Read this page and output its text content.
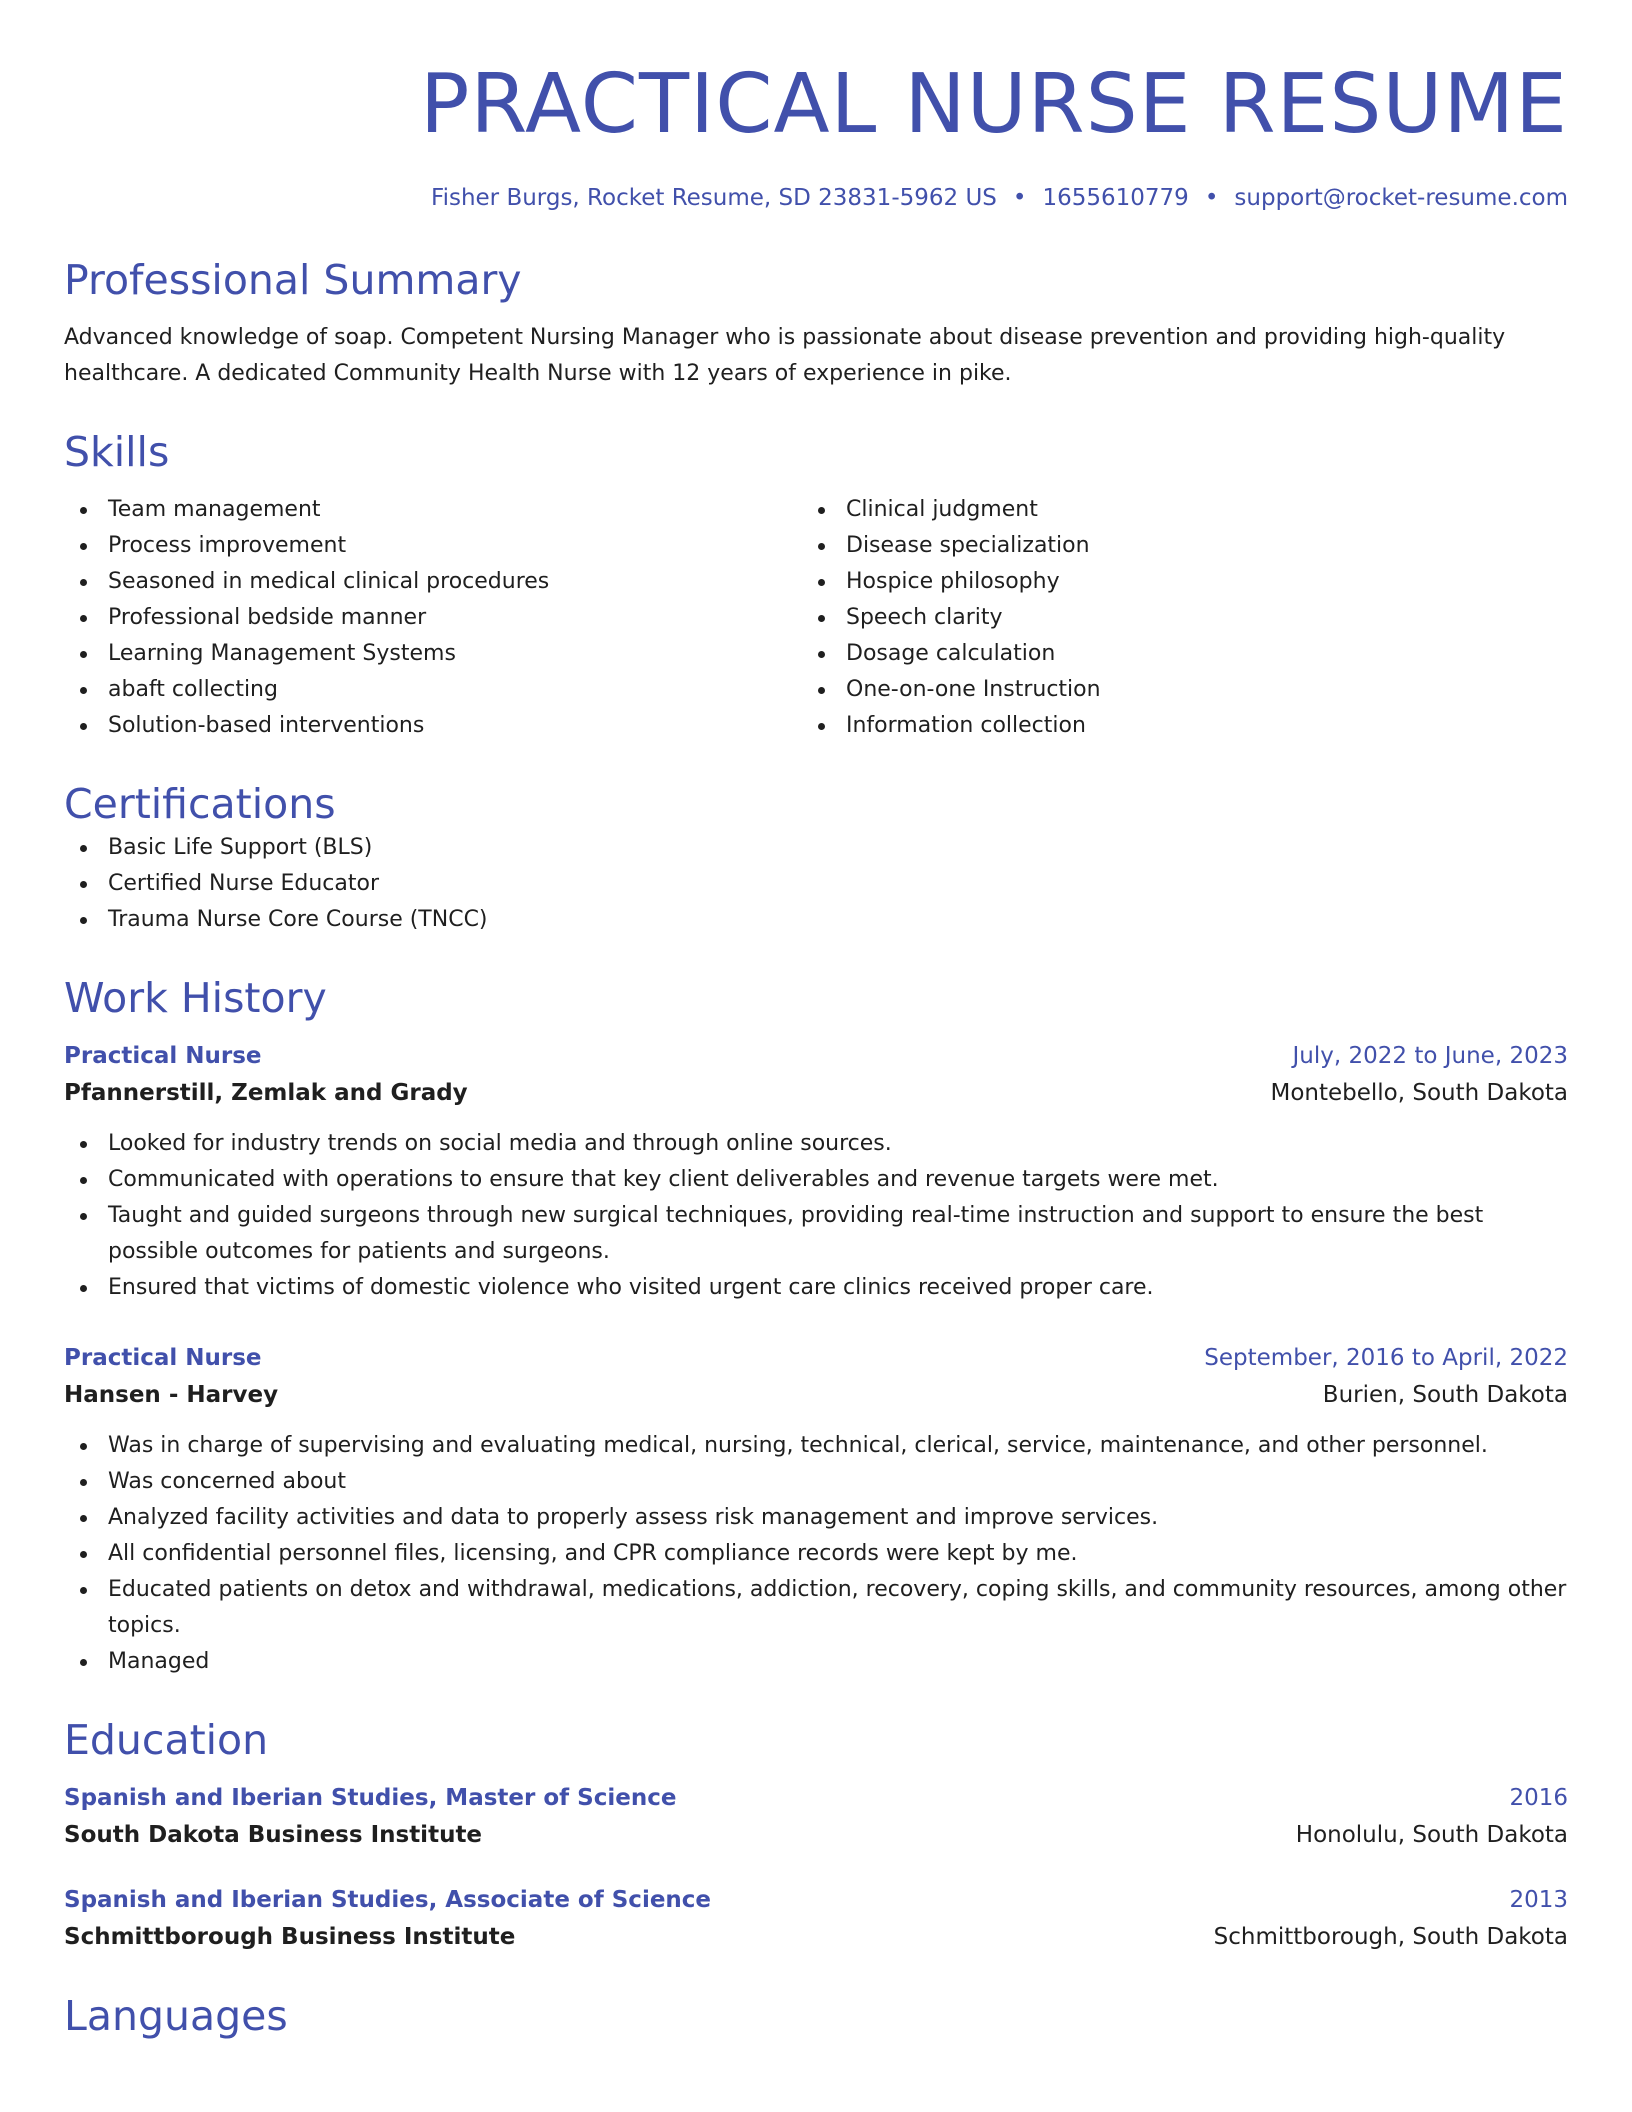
PRACTICAL NURSE RESUME
Fisher Burgs, Rocket Resume, SD 23831-5962 US • 1655610779 • support@rocket-resume.com
Professional Summary
Advanced knowledge of soap. Competent Nursing Manager who is passionate about disease prevention and providing high-quality healthcare. A dedicated Community Health Nurse with 12 years of experience in pike.
Skills
Team management
Process improvement
Seasoned in medical clinical procedures
Professional bedside manner
Learning Management Systems
abaft collecting
Solution-based interventions
Clinical judgment
Disease specialization
Hospice philosophy
Speech clarity
Dosage calculation
One-on-one Instruction
Information collection
Certifications
Basic Life Support (BLS)
Certified Nurse Educator
Trauma Nurse Core Course (TNCC)
Work History
Practical Nurse	July, 2022 to June, 2023
Pfannerstill, Zemlak and Grady	Montebello, South Dakota
Looked for industry trends on social media and through online sources.
Communicated with operations to ensure that key client deliverables and revenue targets were met.
Taught and guided surgeons through new surgical techniques, providing real-time instruction and support to ensure the best possible outcomes for patients and surgeons.
Ensured that victims of domestic violence who visited urgent care clinics received proper care.
Practical Nurse	September, 2016 to April, 2022
Hansen - Harvey	Burien, South Dakota
Was in charge of supervising and evaluating medical, nursing, technical, clerical, service, maintenance, and other personnel.
Was concerned about
Analyzed facility activities and data to properly assess risk management and improve services.
All confidential personnel files, licensing, and CPR compliance records were kept by me.
Educated patients on detox and withdrawal, medications, addiction, recovery, coping skills, and community resources, among other topics.
Managed
Education
Spanish and Iberian Studies, Master of Science	2016
South Dakota Business Institute	Honolulu, South Dakota
Spanish and Iberian Studies, Associate of Science	2013
Schmittborough Business Institute	Schmittborough, South Dakota
Languages
